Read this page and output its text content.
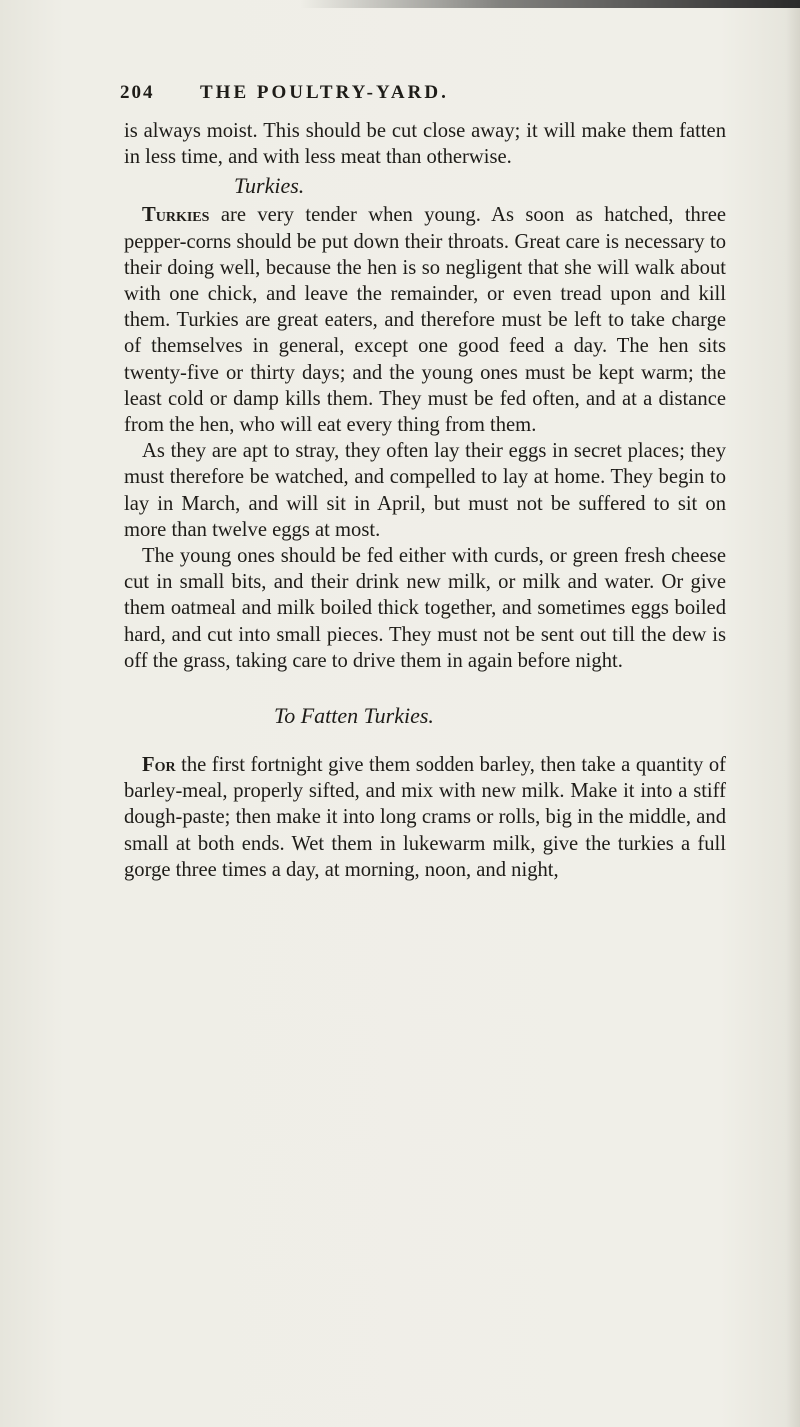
204 THE POULTRY-YARD.

is always moist. This should be cut close away; it will make them fatten in less time, and with less meat than otherwise.

Turkies.

Turkies are very tender when young. As soon as hatched, three pepper-corns should be put down their throats. Great care is necessary to their doing well, because the hen is so negligent that she will walk about with one chick, and leave the remainder, or even tread upon and kill them. Turkies are great eaters, and therefore must be left to take charge of themselves in general, except one good feed a day. The hen sits twenty-five or thirty days; and the young ones must be kept warm; the least cold or damp kills them. They must be fed often, and at a distance from the hen, who will eat every thing from them.

As they are apt to stray, they often lay their eggs in secret places; they must therefore be watched, and compelled to lay at home. They begin to lay in March, and will sit in April, but must not be suffered to sit on more than twelve eggs at most.

The young ones should be fed either with curds, or green fresh cheese cut in small bits, and their drink new milk, or milk and water. Or give them oatmeal and milk boiled thick together, and sometimes eggs boiled hard, and cut into small pieces. They must not be sent out till the dew is off the grass, taking care to drive them in again before night.

To Fatten Turkies.

For the first fortnight give them sodden barley, then take a quantity of barley-meal, properly sifted, and mix with new milk. Make it into a stiff dough-paste; then make it into long crams or rolls, big in the middle, and small at both ends. Wet them in lukewarm milk, give the turkies a full gorge three times a day, at morning, noon, and night,
